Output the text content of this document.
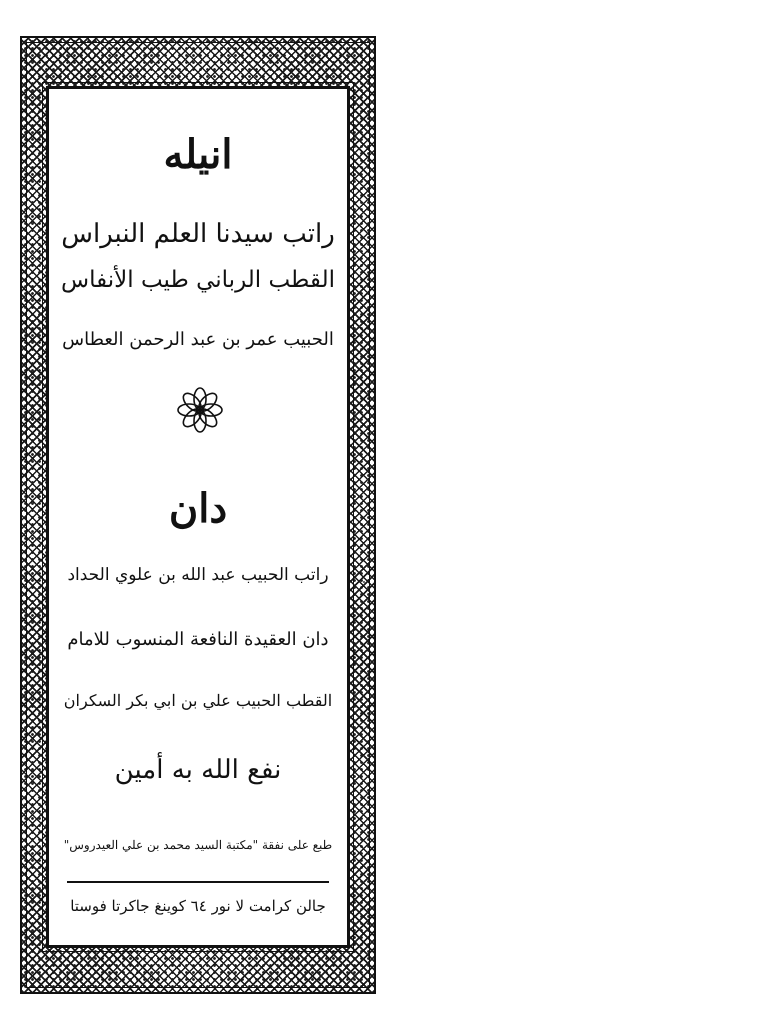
انيله
راتب سيدنا العلم النبراس
القطب الرباني طيب الأنفاس
الحبيب عمر بن عبد الرحمن العطاس
دان
راتب الحبيب عبد الله بن علوي الحداد
دان العقيدة النافعة المنسوب للامام
القطب الحبيب علي بن ابي بكر السكران
نفع الله به أمين
طبع على نفقة "مكتبة السيد محمد بن علي العيدروس"
جالن كرامت لا نور ٦٤ كوينغ جاكرتا فوستا
